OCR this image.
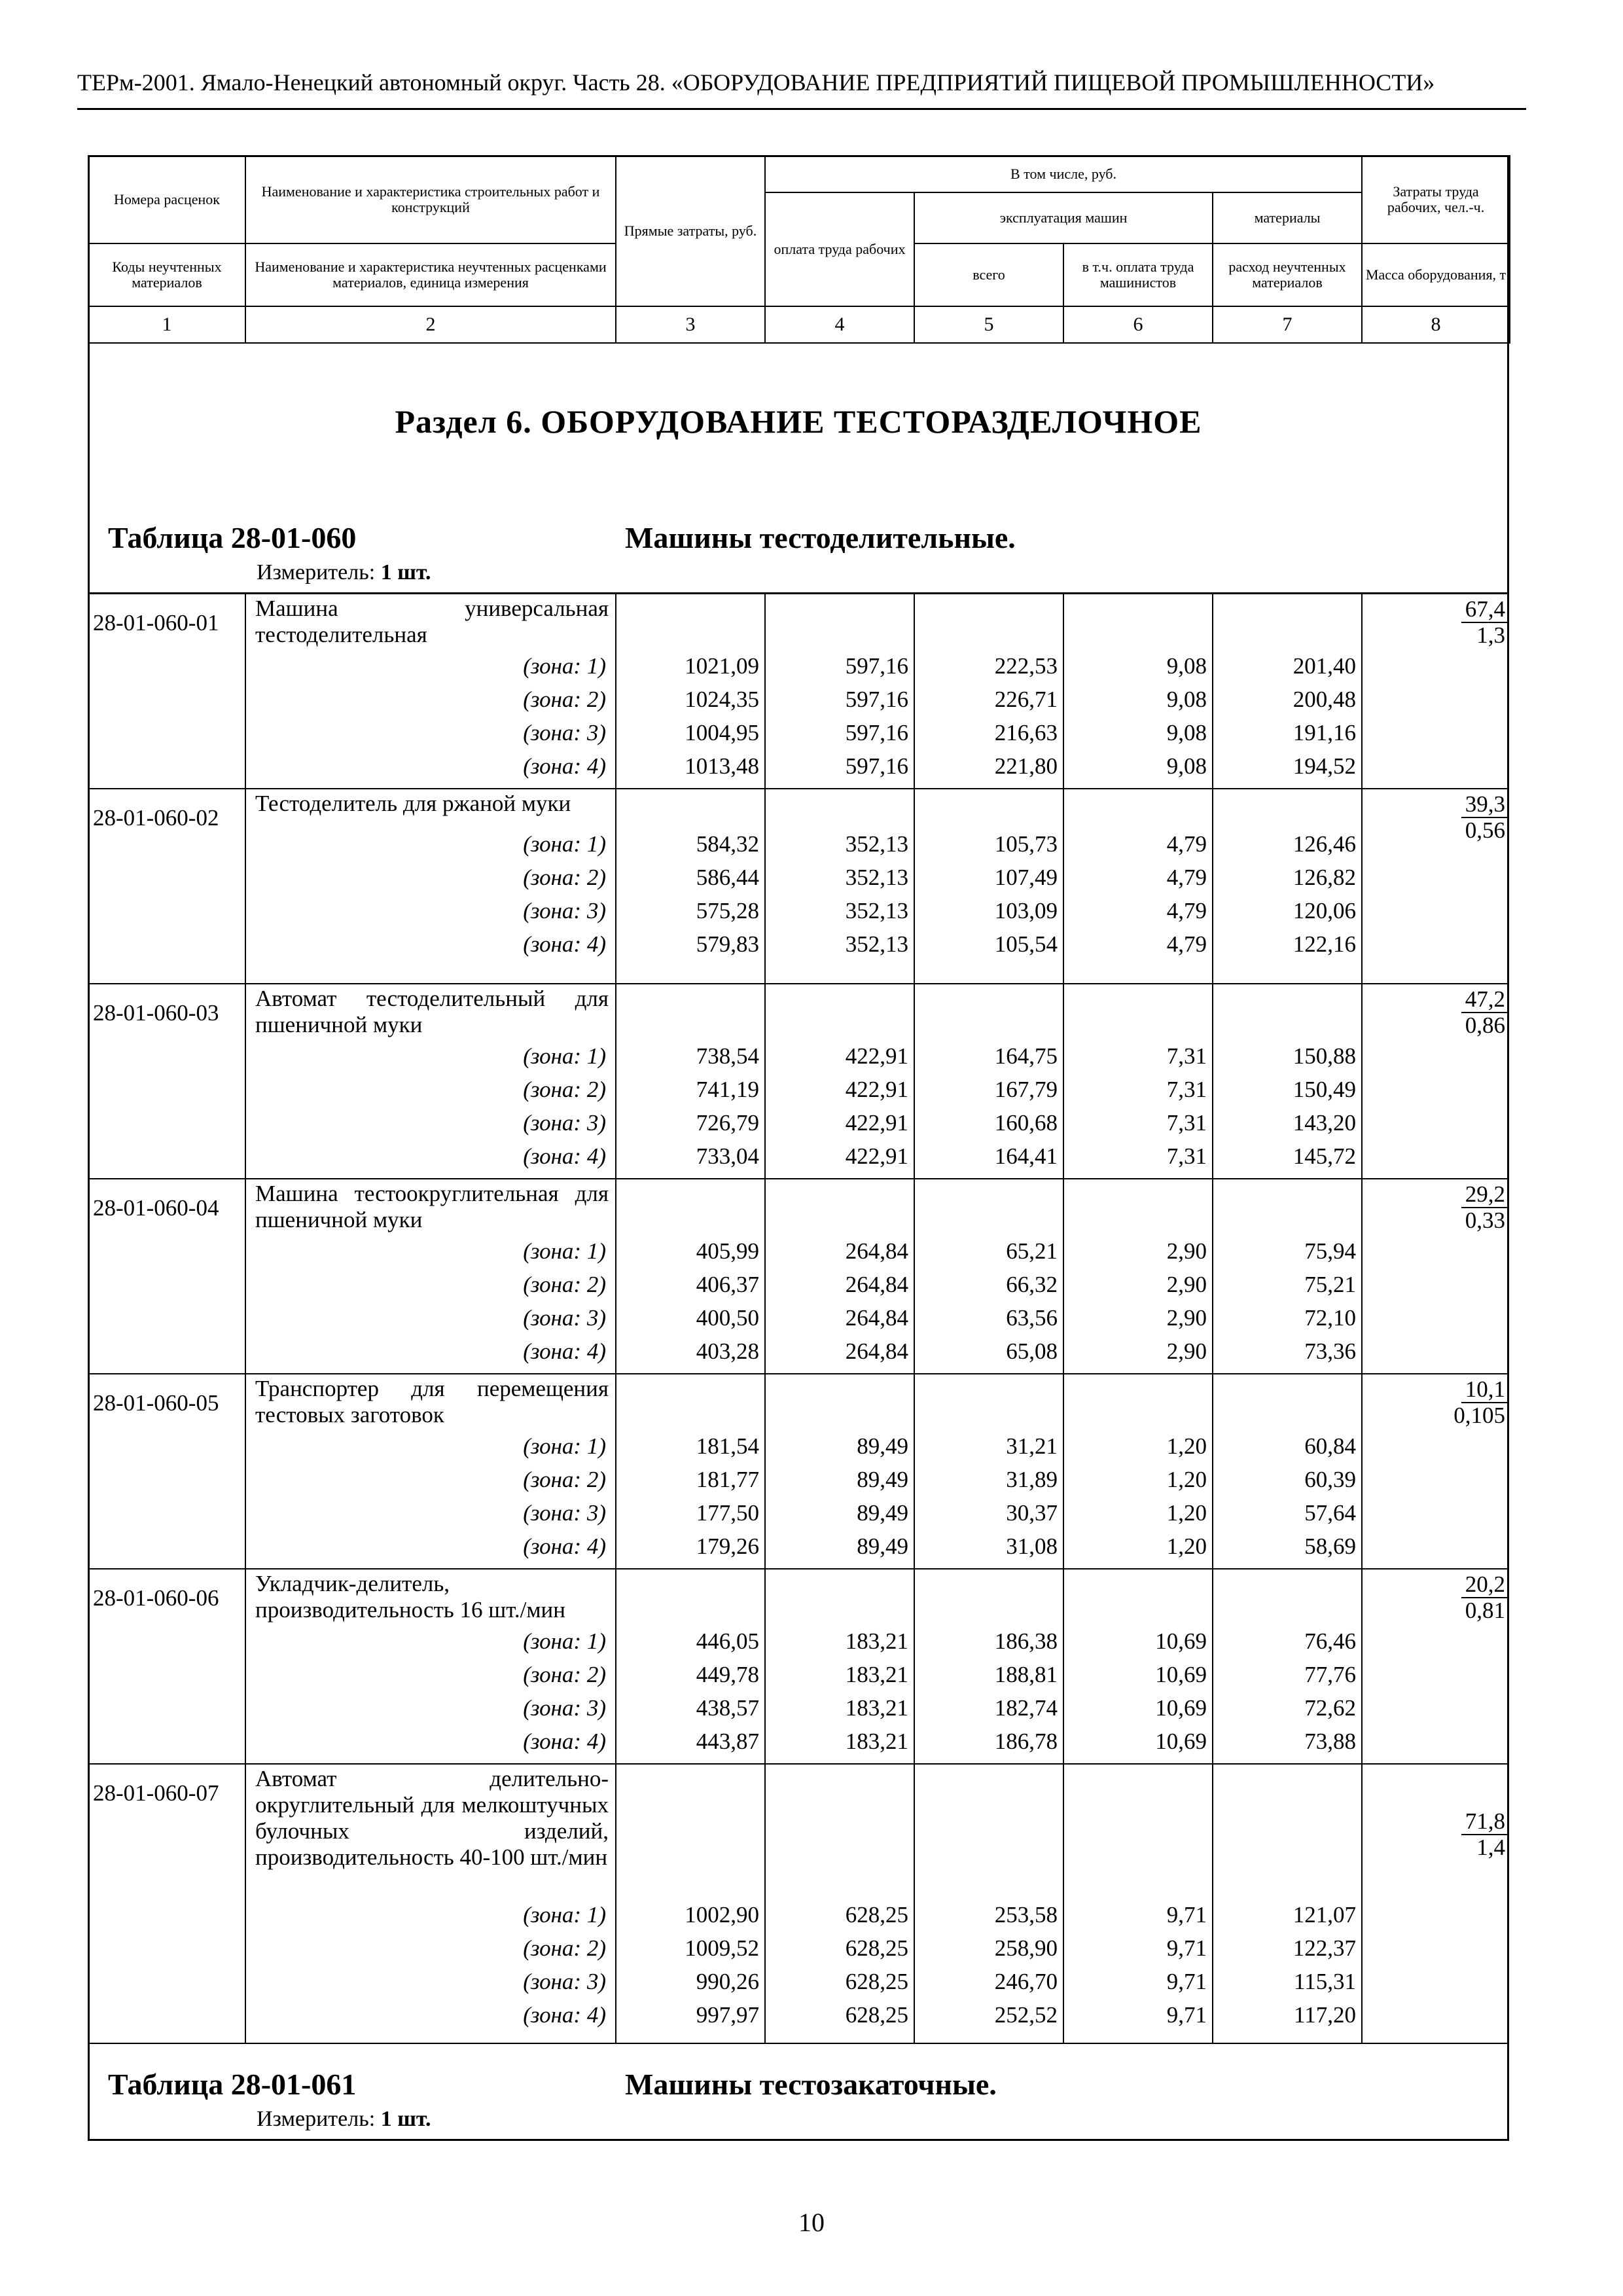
ТЕРм-2001. Ямало-Ненецкий автономный округ. Часть 28. «ОБОРУДОВАНИЕ ПРЕДПРИЯТИЙ ПИЩЕВОЙ ПРОМЫШЛЕННОСТИ»
Номера расценок	Наименование и характеристика строительных работ и конструкций	Прямые затраты, руб.	В том числе, руб.				Затраты труда рабочих, чел.-ч.
			оплата труда рабочих	эксплуатация машин		материалы	
Коды неучтенных материалов	Наименование и характеристика неучтенных расценками материалов, единица измерения			всего	в т.ч. оплата труда машинистов	расход неучтенных материалов	Масса оборудования, т
1	2	3	4	5	6	7	8
Раздел 6. ОБОРУДОВАНИЕ ТЕСТОРАЗДЕЛОЧНОЕ
Таблица 28-01-060	Машины тестоделительные.
Измеритель: 1 шт.
28-01-060-01
Машина универсальная тестоделительная	$\frac{67,4}{1,3}$
(зона: 1)	1021,09	597,16	222,53	9,08	201,40
(зона: 2)	1024,35	597,16	226,71	9,08	200,48
(зона: 3)	1004,95	597,16	216,63	9,08	191,16
(зона: 4)	1013,48	597,16	221,80	9,08	194,52
28-01-060-02
Тестоделитель для ржаной муки	$\frac{39,3}{0,56}$
(зона: 1)	584,32	352,13	105,73	4,79	126,46
(зона: 2)	586,44	352,13	107,49	4,79	126,82
(зона: 3)	575,28	352,13	103,09	4,79	120,06
(зона: 4)	579,83	352,13	105,54	4,79	122,16
28-01-060-03
Автомат тестоделительный для пшеничной муки	$\frac{47,2}{0,86}$
(зона: 1)	738,54	422,91	164,75	7,31	150,88
(зона: 2)	741,19	422,91	167,79	7,31	150,49
(зона: 3)	726,79	422,91	160,68	7,31	143,20
(зона: 4)	733,04	422,91	164,41	7,31	145,72
28-01-060-04
Машина тестоокруглительная для пшеничной муки	$\frac{29,2}{0,33}$
(зона: 1)	405,99	264,84	65,21	2,90	75,94
(зона: 2)	406,37	264,84	66,32	2,90	75,21
(зона: 3)	400,50	264,84	63,56	2,90	72,10
(зона: 4)	403,28	264,84	65,08	2,90	73,36
28-01-060-05
Транспортер для перемещения тестовых заготовок	$\frac{10,1}{0,105}$
(зона: 1)	181,54	89,49	31,21	1,20	60,84
(зона: 2)	181,77	89,49	31,89	1,20	60,39
(зона: 3)	177,50	89,49	30,37	1,20	57,64
(зона: 4)	179,26	89,49	31,08	1,20	58,69
28-01-060-06
Укладчик-делитель, производительность 16 шт./мин	$\frac{20,2}{0,81}$
(зона: 1)	446,05	183,21	186,38	10,69	76,46
(зона: 2)	449,78	183,21	188,81	10,69	77,76
(зона: 3)	438,57	183,21	182,74	10,69	72,62
(зона: 4)	443,87	183,21	186,78	10,69	73,88
28-01-060-07
Автомат делительно-округлительный для мелкоштучных булочных изделий, производительность 40-100 шт./мин	$\frac{71,8}{1,4}$
(зона: 1)	1002,90	628,25	253,58	9,71	121,07
(зона: 2)	1009,52	628,25	258,90	9,71	122,37
(зона: 3)	990,26	628,25	246,70	9,71	115,31
(зона: 4)	997,97	628,25	252,52	9,71	117,20
Таблица 28-01-061	Машины тестозакаточные.
Измеритель: 1 шт.
10
